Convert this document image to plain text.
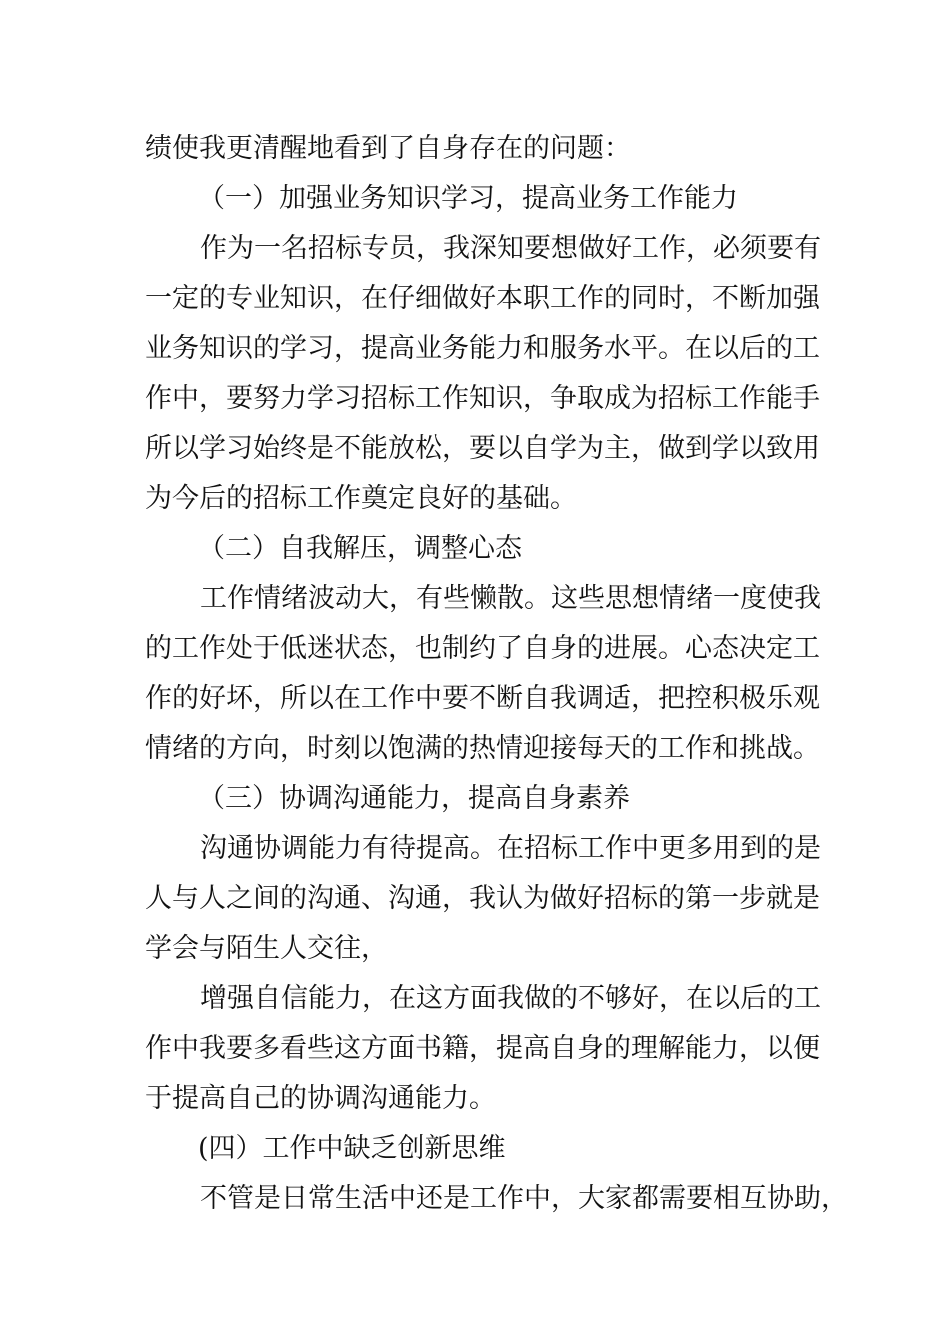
绩使我更清醒地看到了自身存在的问题：
（一）加强业务知识学习，提高业务工作能力
作为一名招标专员，我深知要想做好工作，必须要有
一定的专业知识，在仔细做好本职工作的同时，不断加强
业务知识的学习，提高业务能力和服务水平。在以后的工
作中，要努力学习招标工作知识，争取成为招标工作能手
所以学习始终是不能放松，要以自学为主，做到学以致用
为今后的招标工作奠定良好的基础。
（二）自我解压，调整心态
工作情绪波动大，有些懒散。这些思想情绪一度使我
的工作处于低迷状态，也制约了自身的进展。心态决定工
作的好坏，所以在工作中要不断自我调适，把控积极乐观
情绪的方向，时刻以饱满的热情迎接每天的工作和挑战。
（三）协调沟通能力，提高自身素养
沟通协调能力有待提高。在招标工作中更多用到的是
人与人之间的沟通、沟通，我认为做好招标的第一步就是
学会与陌生人交往，
增强自信能力，在这方面我做的不够好，在以后的工
作中我要多看些这方面书籍，提高自身的理解能力，以便
于提高自己的协调沟通能力。
(四）工作中缺乏创新思维
不管是日常生活中还是工作中，大家都需要相互协助，
